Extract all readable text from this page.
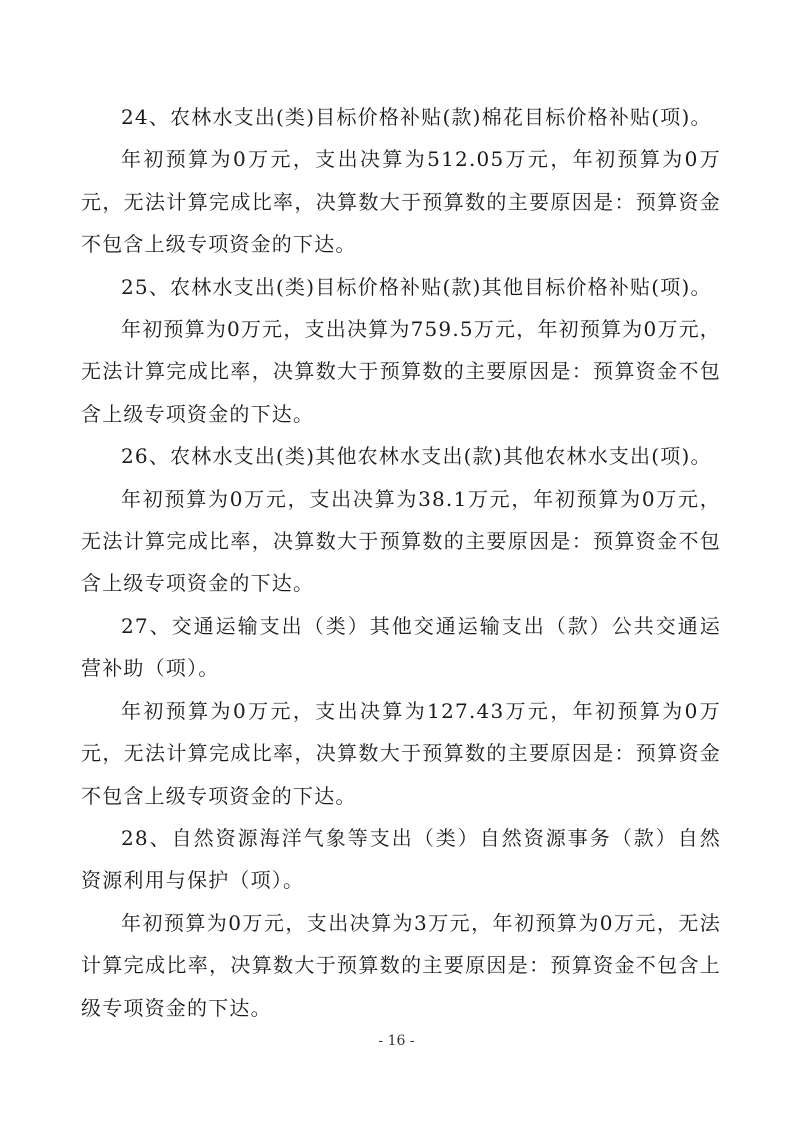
24、农林水支出(类)目标价格补贴(款)棉花目标价格补贴(项)。

年初预算为0万元，支出决算为512.05万元，年初预算为0万元，无法计算完成比率，决算数大于预算数的主要原因是：预算资金不包含上级专项资金的下达。

25、农林水支出(类)目标价格补贴(款)其他目标价格补贴(项)。

年初预算为0万元，支出决算为759.5万元，年初预算为0万元，无法计算完成比率，决算数大于预算数的主要原因是：预算资金不包含上级专项资金的下达。

26、农林水支出(类)其他农林水支出(款)其他农林水支出(项)。

年初预算为0万元，支出决算为38.1万元，年初预算为0万元，无法计算完成比率，决算数大于预算数的主要原因是：预算资金不包含上级专项资金的下达。

27、交通运输支出（类）其他交通运输支出（款）公共交通运营补助（项）。

年初预算为0万元，支出决算为127.43万元，年初预算为0万元，无法计算完成比率，决算数大于预算数的主要原因是：预算资金不包含上级专项资金的下达。

28、自然资源海洋气象等支出（类）自然资源事务（款）自然资源利用与保护（项）。

年初预算为0万元，支出决算为3万元，年初预算为0万元，无法计算完成比率，决算数大于预算数的主要原因是：预算资金不包含上级专项资金的下达。

- 16 -
